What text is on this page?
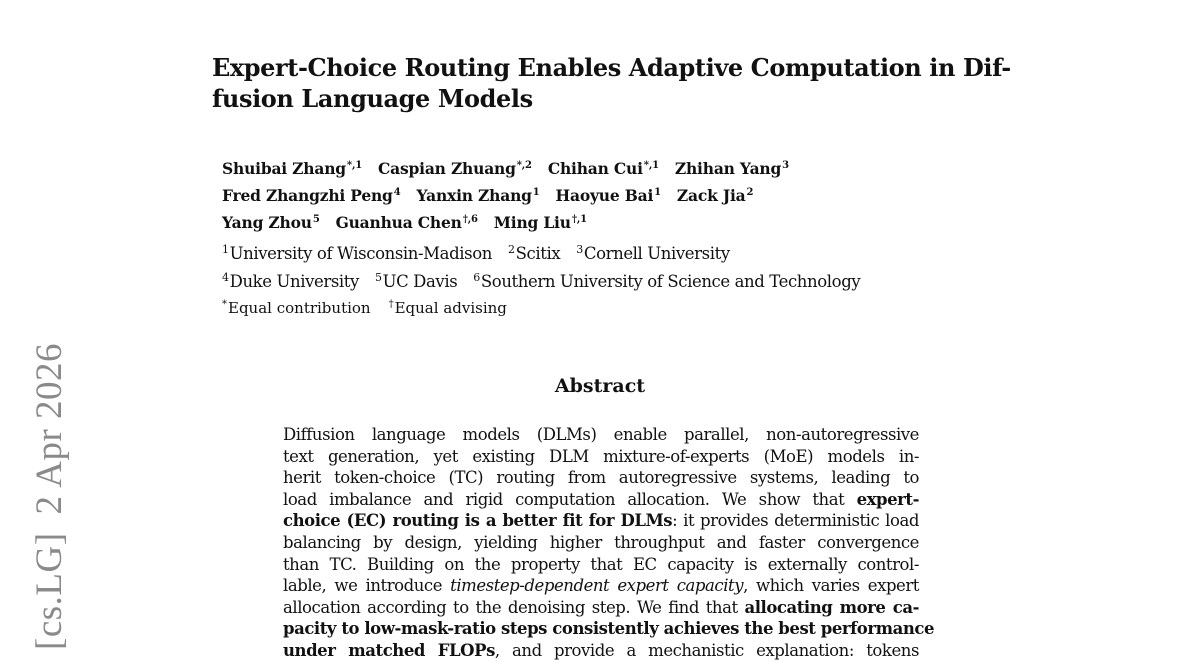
[cs.LG]2 Apr 2026
Expert-Choice Routing Enables Adaptive Computation in Dif-
fusion Language Models
Shuibai Zhang$^{*,1}$ Caspian Zhuang$^{*,2}$ Chihan Cui$^{*,1}$ Zhihan Yang$^3$
Fred Zhangzhi Peng$^4$ Yanxin Zhang$^1$ Haoyue Bai$^1$ Zack Jia$^2$
Yang Zhou$^5$ Guanhua Chen$^{\dagger,6}$ Ming Liu$^{\dagger,1}$
$^1$University of Wisconsin-Madison $^2$Scitix $^3$Cornell University
$^4$Duke University $^5$UC Davis $^6$Southern University of Science and Technology
*Equal contribution †Equal advising
Abstract
Diffusion language models (DLMs) enable parallel, non-autoregressive
text generation, yet existing DLM mixture-of-experts (MoE) models in-
herit token-choice (TC) routing from autoregressive systems, leading to
load imbalance and rigid computation allocation. We show that expert-
choice (EC) routing is a better fit for DLMs: it provides deterministic load
balancing by design, yielding higher throughput and faster convergence
than TC. Building on the property that EC capacity is externally control-
lable, we introduce timestep-dependent expert capacity, which varies expert
allocation according to the denoising step. We find that allocating more ca-
pacity to low-mask-ratio steps consistently achieves the best performance
under matched FLOPs, and provide a mechanistic explanation: tokens
